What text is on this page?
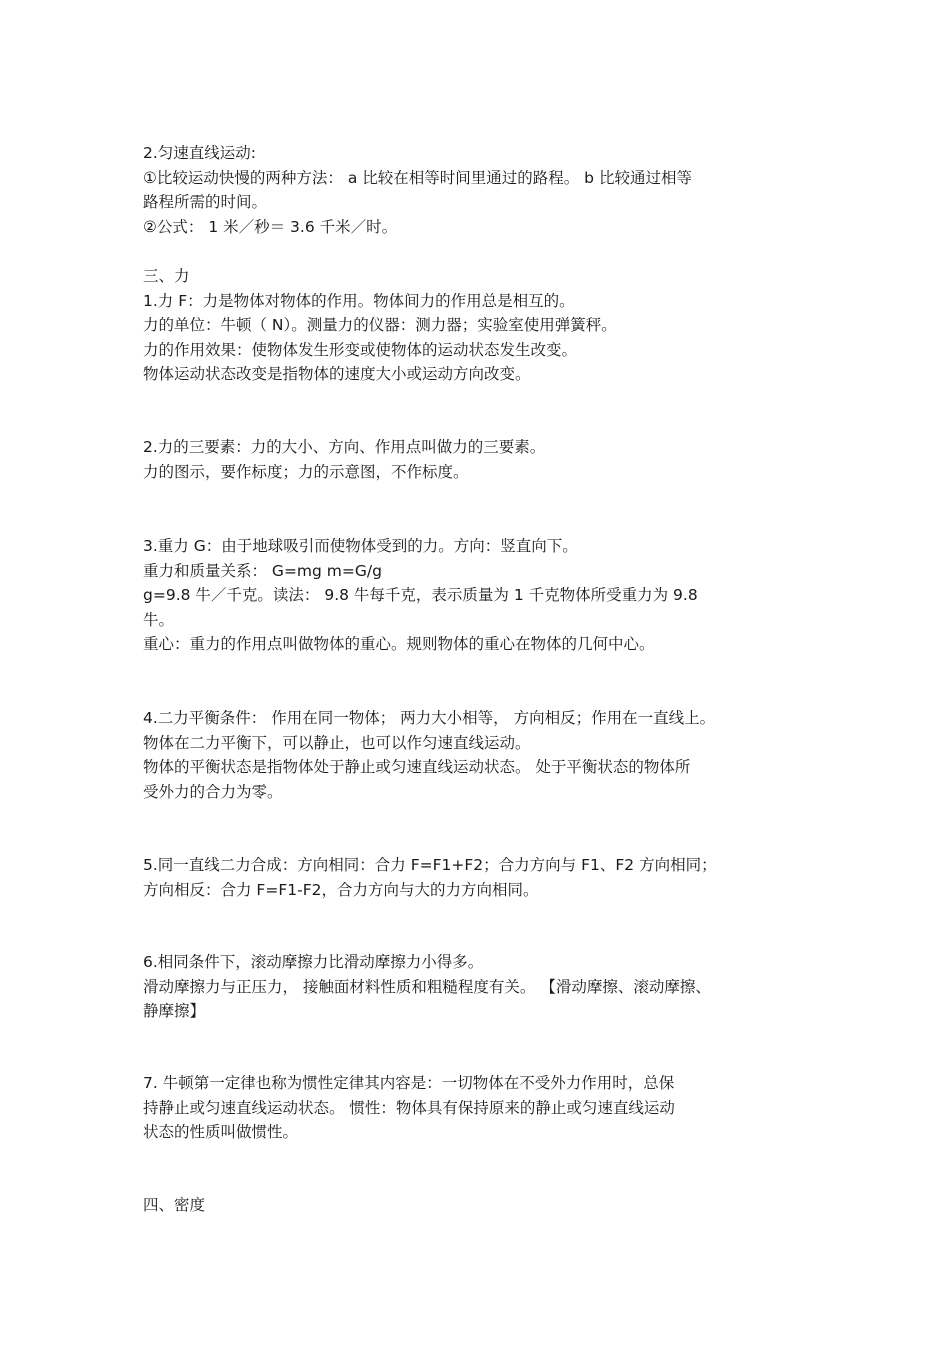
2.匀速直线运动:
①比较运动快慢的两种方法： a 比较在相等时间里通过的路程。 b 比较通过相等
路程所需的时间。
②公式： 1 米／秒＝ 3.6 千米／时。
三、力
1.力 F：力是物体对物体的作用。物体间力的作用总是相互的。
力的单位：牛顿（ N）。测量力的仪器：测力器；实验室使用弹簧秤。
力的作用效果：使物体发生形变或使物体的运动状态发生改变。
物体运动状态改变是指物体的速度大小或运动方向改变。
2.力的三要素：力的大小、方向、作用点叫做力的三要素。
力的图示，要作标度；力的示意图，不作标度。
3.重力 G：由于地球吸引而使物体受到的力。方向：竖直向下。
重力和质量关系： G=mg m=G/g
g=9.8 牛／千克。读法： 9.8 牛每千克，表示质量为 1 千克物体所受重力为 9.8
牛。
重心：重力的作用点叫做物体的重心。规则物体的重心在物体的几何中心。
4.二力平衡条件： 作用在同一物体； 两力大小相等， 方向相反；作用在一直线上。
物体在二力平衡下，可以静止，也可以作匀速直线运动。
物体的平衡状态是指物体处于静止或匀速直线运动状态。 处于平衡状态的物体所
受外力的合力为零。
5.同一直线二力合成：方向相同：合力 F=F1+F2；合力方向与 F1、F2 方向相同；
方向相反：合力 F=F1-F2，合力方向与大的力方向相同。
6.相同条件下，滚动摩擦力比滑动摩擦力小得多。
滑动摩擦力与正压力， 接触面材料性质和粗糙程度有关。 【滑动摩擦、滚动摩擦、
静摩擦】
7. 牛顿第一定律也称为惯性定律其内容是：一切物体在不受外力作用时，总保
持静止或匀速直线运动状态。 惯性：物体具有保持原来的静止或匀速直线运动
状态的性质叫做惯性。
四、密度
